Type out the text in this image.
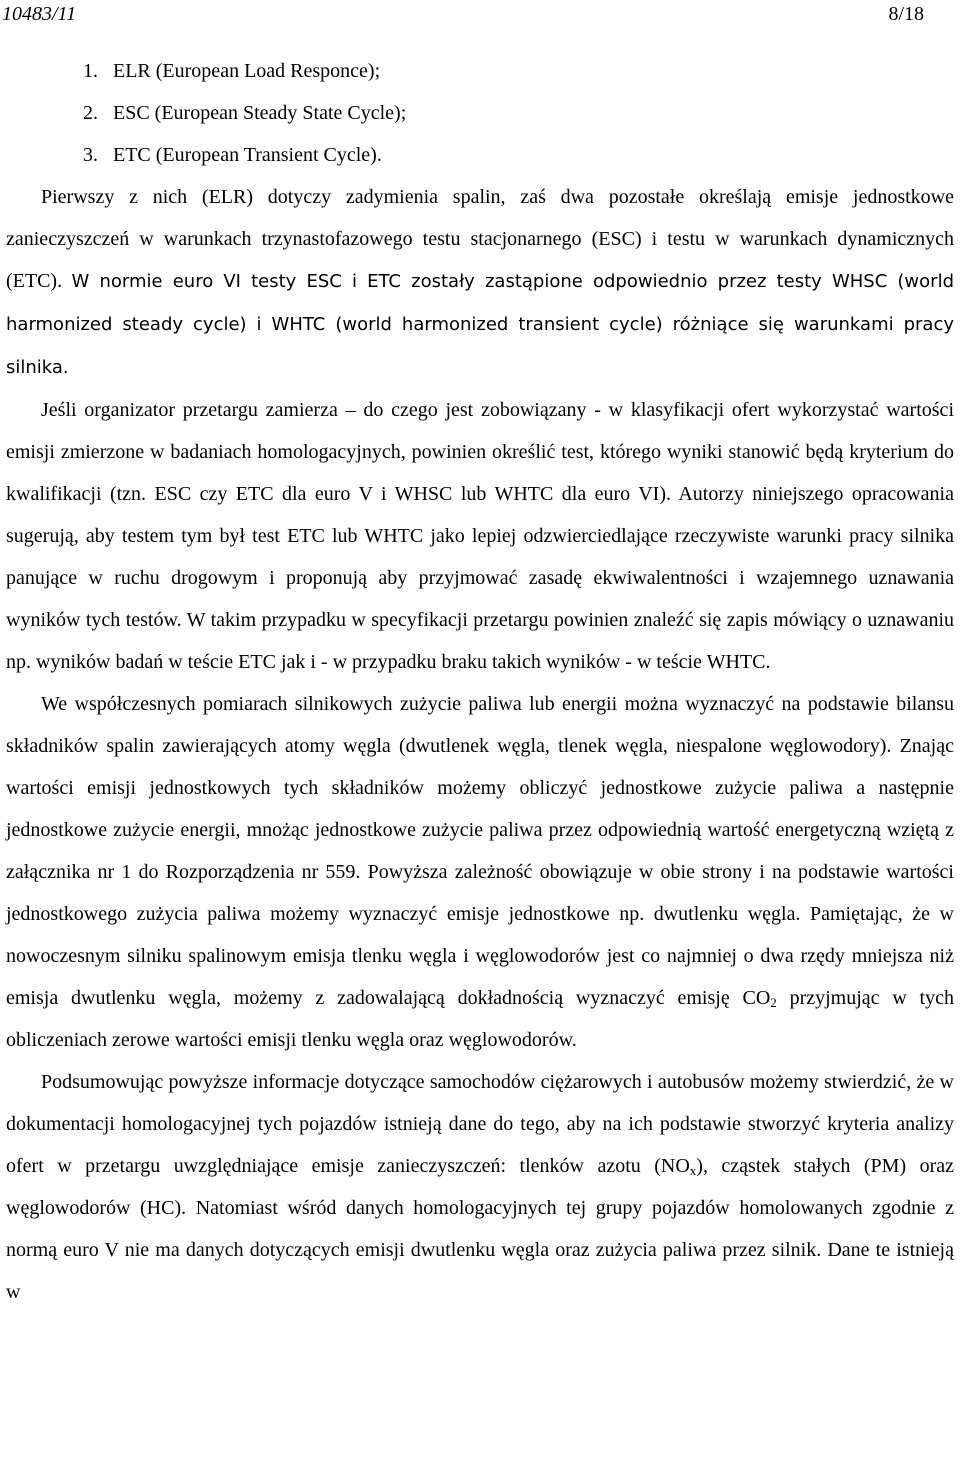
10483/11	8/18
1. ELR (European Load Responce);
2. ESC (European Steady State Cycle);
3. ETC (European Transient Cycle).

Pierwszy z nich (ELR) dotyczy zadymienia spalin, zaś dwa pozostałe określają emisje jednostkowe zanieczyszczeń w warunkach trzynastofazowego testu stacjonarnego (ESC) i testu w warunkach dynamicznych (ETC). W normie euro VI testy ESC i ETC zostały zastąpione odpowiednio przez testy WHSC (world harmonized steady cycle) i WHTC (world harmonized transient cycle) różniące się warunkami pracy silnika.

Jeśli organizator przetargu zamierza – do czego jest zobowiązany - w klasyfikacji ofert wykorzystać wartości emisji zmierzone w badaniach homologacyjnych, powinien określić test, którego wyniki stanowić będą kryterium do kwalifikacji (tzn. ESC czy ETC dla euro V i WHSC lub WHTC dla euro VI). Autorzy niniejszego opracowania sugerują, aby testem tym był test ETC lub WHTC jako lepiej odzwierciedlające rzeczywiste warunki pracy silnika panujące w ruchu drogowym i proponują aby przyjmować zasadę ekwiwalentności i wzajemnego uznawania wyników tych testów. W takim przypadku w specyfikacji przetargu powinien znaleźć się zapis mówiący o uznawaniu np. wyników badań w teście ETC jak i - w przypadku braku takich wyników - w teście WHTC.

We współczesnych pomiarach silnikowych zużycie paliwa lub energii można wyznaczyć na podstawie bilansu składników spalin zawierających atomy węgla (dwutlenek węgla, tlenek węgla, niespalone węglowodory). Znając wartości emisji jednostkowych tych składników możemy obliczyć jednostkowe zużycie paliwa a następnie jednostkowe zużycie energii, mnożąc jednostkowe zużycie paliwa przez odpowiednią wartość energetyczną wziętą z załącznika nr 1 do Rozporządzenia nr 559. Powyższa zależność obowiązuje w obie strony i na podstawie wartości jednostkowego zużycia paliwa możemy wyznaczyć emisje jednostkowe np. dwutlenku węgla. Pamiętając, że w nowoczesnym silniku spalinowym emisja tlenku węgla i węglowodorów jest co najmniej o dwa rzędy mniejsza niż emisja dwutlenku węgla, możemy z zadowalającą dokładnością wyznaczyć emisję $CO_2$ przyjmując w tych obliczeniach zerowe wartości emisji tlenku węgla oraz węglowodorów.

Podsumowując powyższe informacje dotyczące samochodów ciężarowych i autobusów możemy stwierdzić, że w dokumentacji homologacyjnej tych pojazdów istnieją dane do tego, aby na ich podstawie stworzyć kryteria analizy ofert w przetargu uwzględniające emisje zanieczyszczeń: tlenków azotu $(NO_x)$, cząstek stałych (PM) oraz węglowodorów (HC). Natomiast wśród danych homologacyjnych tej grupy pojazdów homolowanych zgodnie z normą euro V nie ma danych dotyczących emisji dwutlenku węgla oraz zużycia paliwa przez silnik. Dane te istnieją w
